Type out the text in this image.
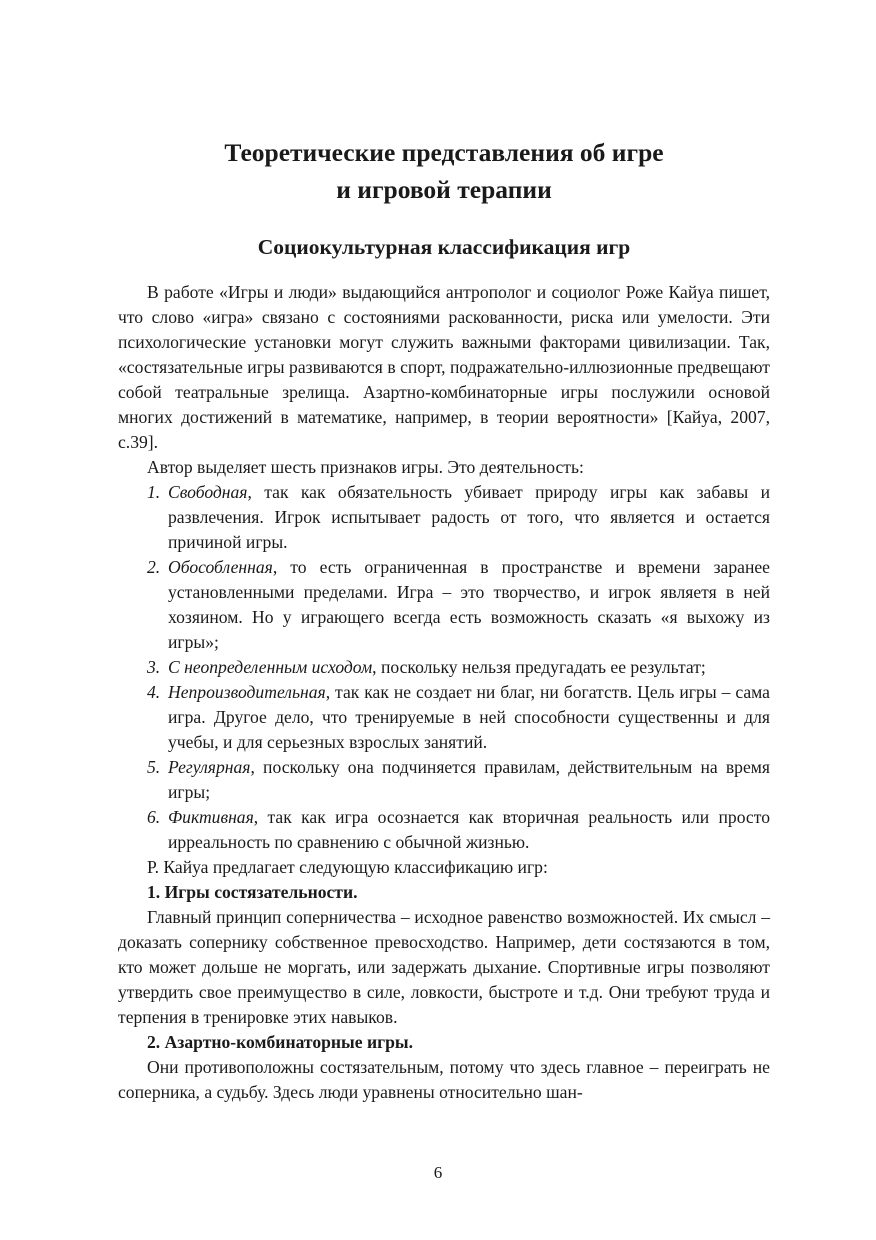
Теоретические представления об игре
и игровой терапии
Социокультурная классификация игр

В работе «Игры и люди» выдающийся антрополог и социолог Роже Кайуа пишет, что слово «игра» связано с состояниями раскованности, риска или умелости. Эти психологические установки могут служить важными факторами цивилизации. Так, «состязательные игры развиваются в спорт, подражательно-иллюзионные предвещают собой театральные зрелища. Азартно-комбинаторные игры послужили основой многих достижений в математике, например, в теории вероятности» [Кайуа, 2007, с.39].

Автор выделяет шесть признаков игры. Это деятельность:

1. Свободная, так как обязательность убивает природу игры как забавы и развлечения. Игрок испытывает радость от того, что является и остается причиной игры.
2. Обособленная, то есть ограниченная в пространстве и времени заранее установленными пределами. Игра – это творчество, и игрок являетя в ней хозяином. Но у играющего всегда есть возможность сказать «я выхожу из игры»;
3. С неопределенным исходом, поскольку нельзя предугадать ее результат;
4. Непроизводительная, так как не создает ни благ, ни богатств. Цель игры – сама игра. Другое дело, что тренируемые в ней способности существенны и для учебы, и для серьезных взрослых занятий.
5. Регулярная, поскольку она подчиняется правилам, действительным на время игры;
6. Фиктивная, так как игра осознается как вторичная реальность или просто ирреальность по сравнению с обычной жизнью.

Р. Кайуа предлагает следующую классификацию игр:

1. Игры состязательности.

Главный принцип соперничества – исходное равенство возможностей. Их смысл – доказать сопернику собственное превосходство. Например, дети состязаются в том, кто может дольше не моргать, или задержать дыхание. Спортивные игры позволяют утвердить свое преимущество в силе, ловкости, быстроте и т.д. Они требуют труда и терпения в тренировке этих навыков.

2. Азартно-комбинаторные игры.

Они противоположны состязательным, потому что здесь главное – переиграть не соперника, а судьбу. Здесь люди уравнены относительно шан-

6
